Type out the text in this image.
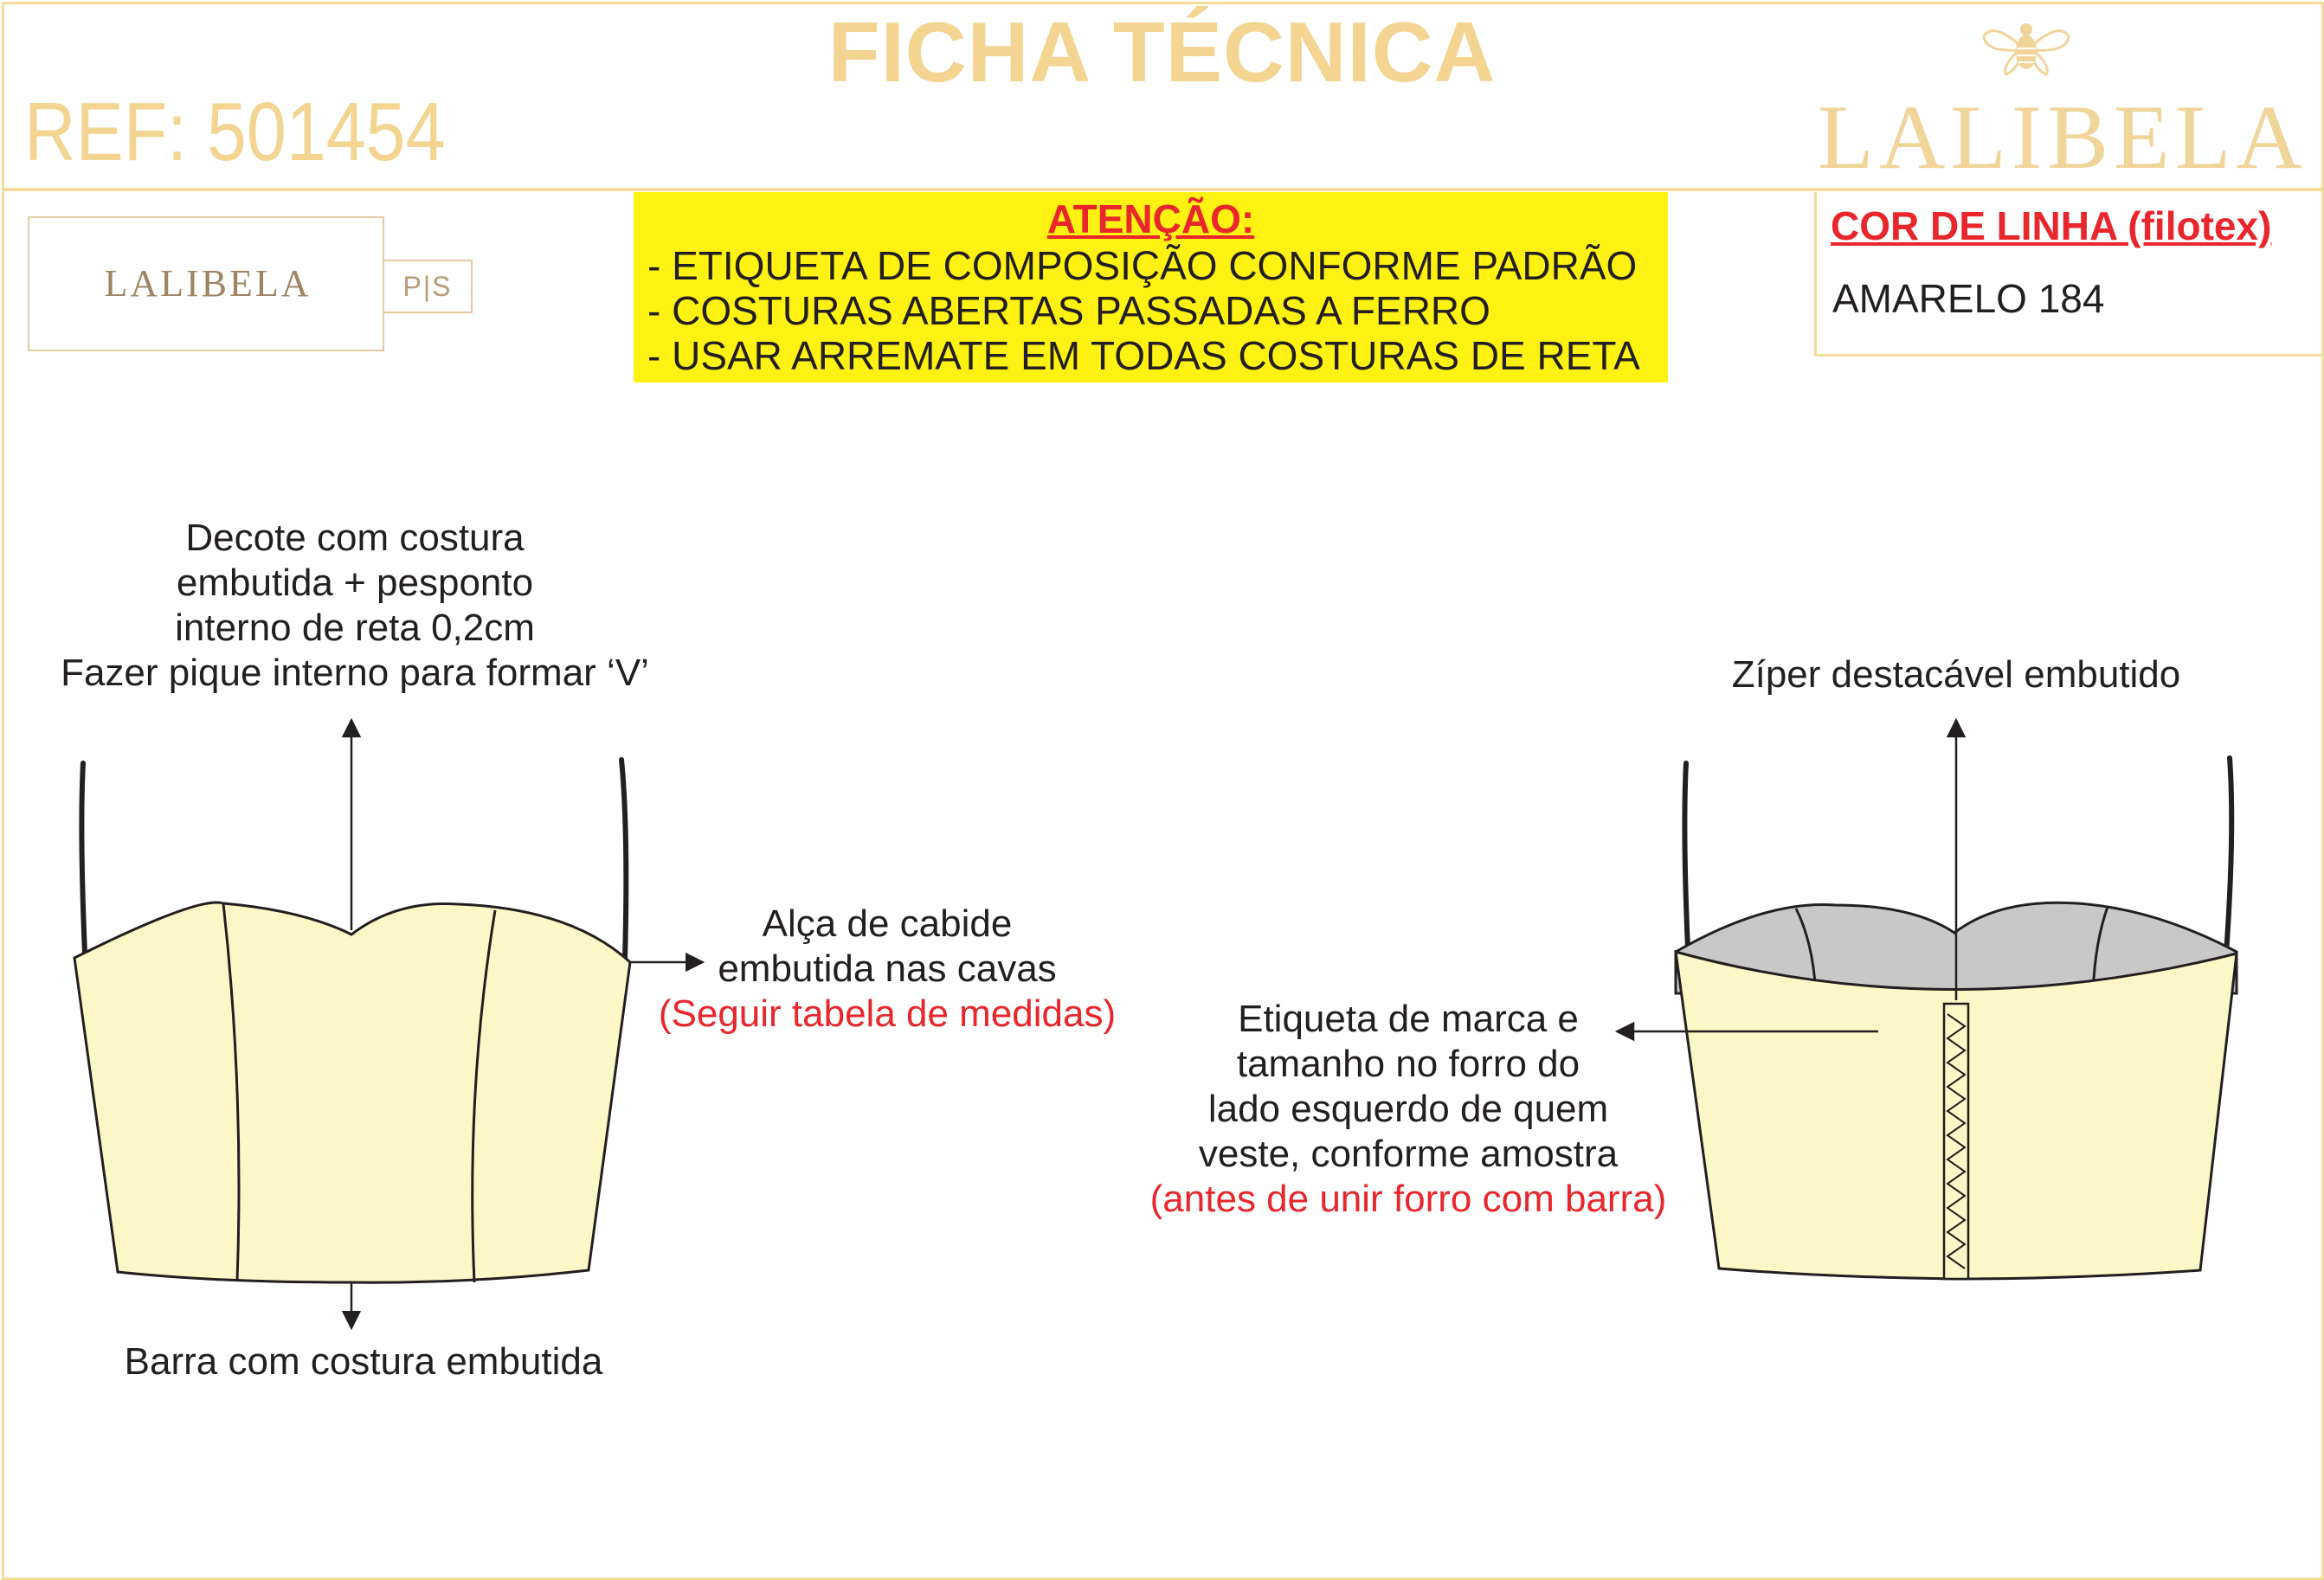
FICHA TÉCNICA
REF: 501454	LALIBELA
LALIBELA	P|S
ATENÇÃO:
- ETIQUETA DE COMPOSIÇÃO CONFORME PADRÃO
- COSTURAS ABERTAS PASSADAS A FERRO
- USAR ARREMATE EM TODAS COSTURAS DE RETA
COR DE LINHA (filotex)
AMARELO 184
Decote com costura
embutida + pesponto
interno de reta 0,2cm
Fazer pique interno para formar ‘V’
Alça de cabide
embutida nas cavas
(Seguir tabela de medidas)
Barra com costura embutida
Zíper destacável embutido
Etiqueta de marca e
tamanho no forro do
lado esquerdo de quem
veste, conforme amostra
(antes de unir forro com barra)
